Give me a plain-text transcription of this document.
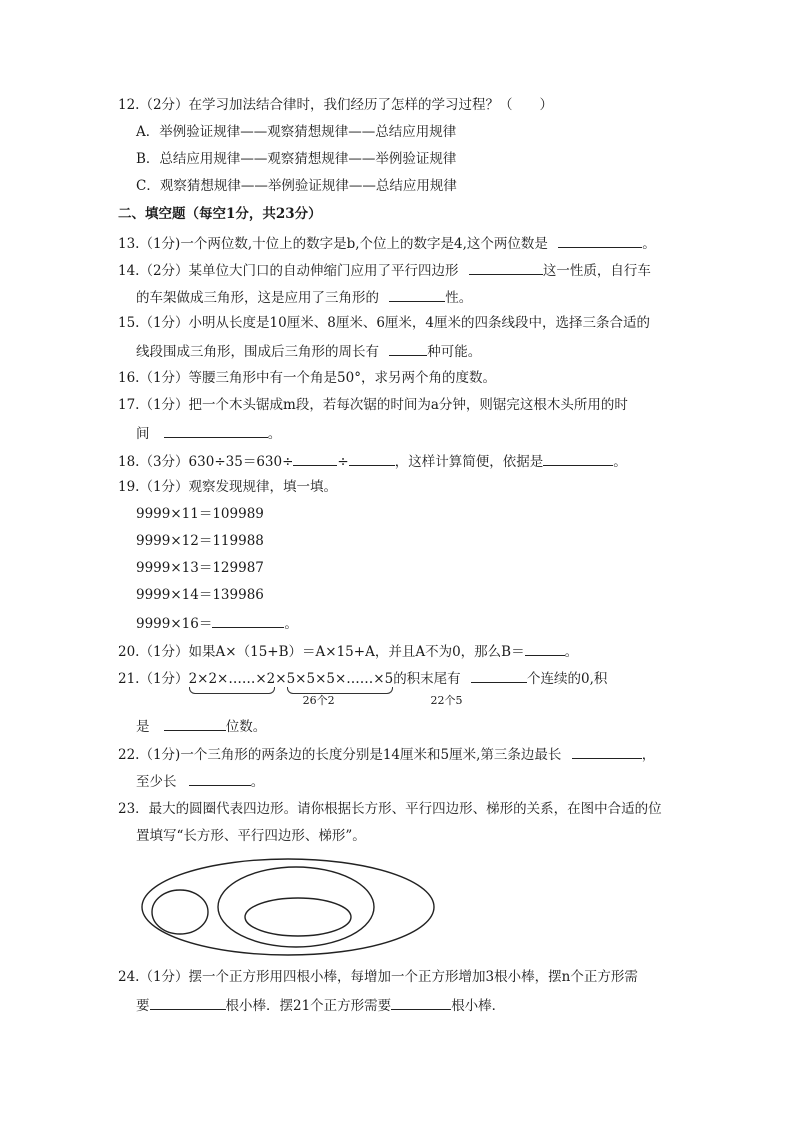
12.（2分）在学习加法结合律时，我们经历了怎样的学习过程？（　　）
A．举例验证规律——观察猜想规律——总结应用规律
B．总结应用规律——观察猜想规律——举例验证规律
C．观察猜想规律——举例验证规律——总结应用规律
二、填空题（每空1分，共23分）
13.（1分)一个两位数,十位上的数字是b,个位上的数字是4,这个两位数是	。
14.（2分）某单位大门口的自动伸缩门应用了平行四边形	这一性质，自行车
的车架做成三角形，这是应用了三角形的	性。
15.（1分）小明从长度是10厘米、8厘米、6厘米，4厘米的四条线段中，选择三条合适的
线段围成三角形，围成后三角形的周长有	种可能。
16.（1分）等腰三角形中有一个角是50°，求另两个角的度数。
17.（1分）把一个木头锯成m段，若每次锯的时间为a分钟，则锯完这根木头所用的时
间	。
18.（3分）630÷35＝630÷	÷	，这样计算简便，依据是	。
19.（1分）观察发现规律，填一填。
9999×11＝109989
9999×12＝119988
9999×13＝129987
9999×14＝139986
9999×16＝	。
20.（1分）如果A×（15+B）＝A×15+A，并且A不为0，那么B＝	。
21.（1分）2×2×……×2
26个2
×5×5×5×……×5
22个5
的积末尾有	个连续的0,积
是	位数。
22.（1分)一个三角形的两条边的长度分别是14厘米和5厘米,第三条边最长	，
至少长	。
23．最大的圆圈代表四边形。请你根据长方形、平行四边形、梯形的关系，在图中合适的位
置填写“长方形、平行四边形、梯形”。
24.（1分）摆一个正方形用四根小棒，每增加一个正方形增加3根小棒，摆n个正方形需
要	根小棒．摆21个正方形需要	根小棒．
